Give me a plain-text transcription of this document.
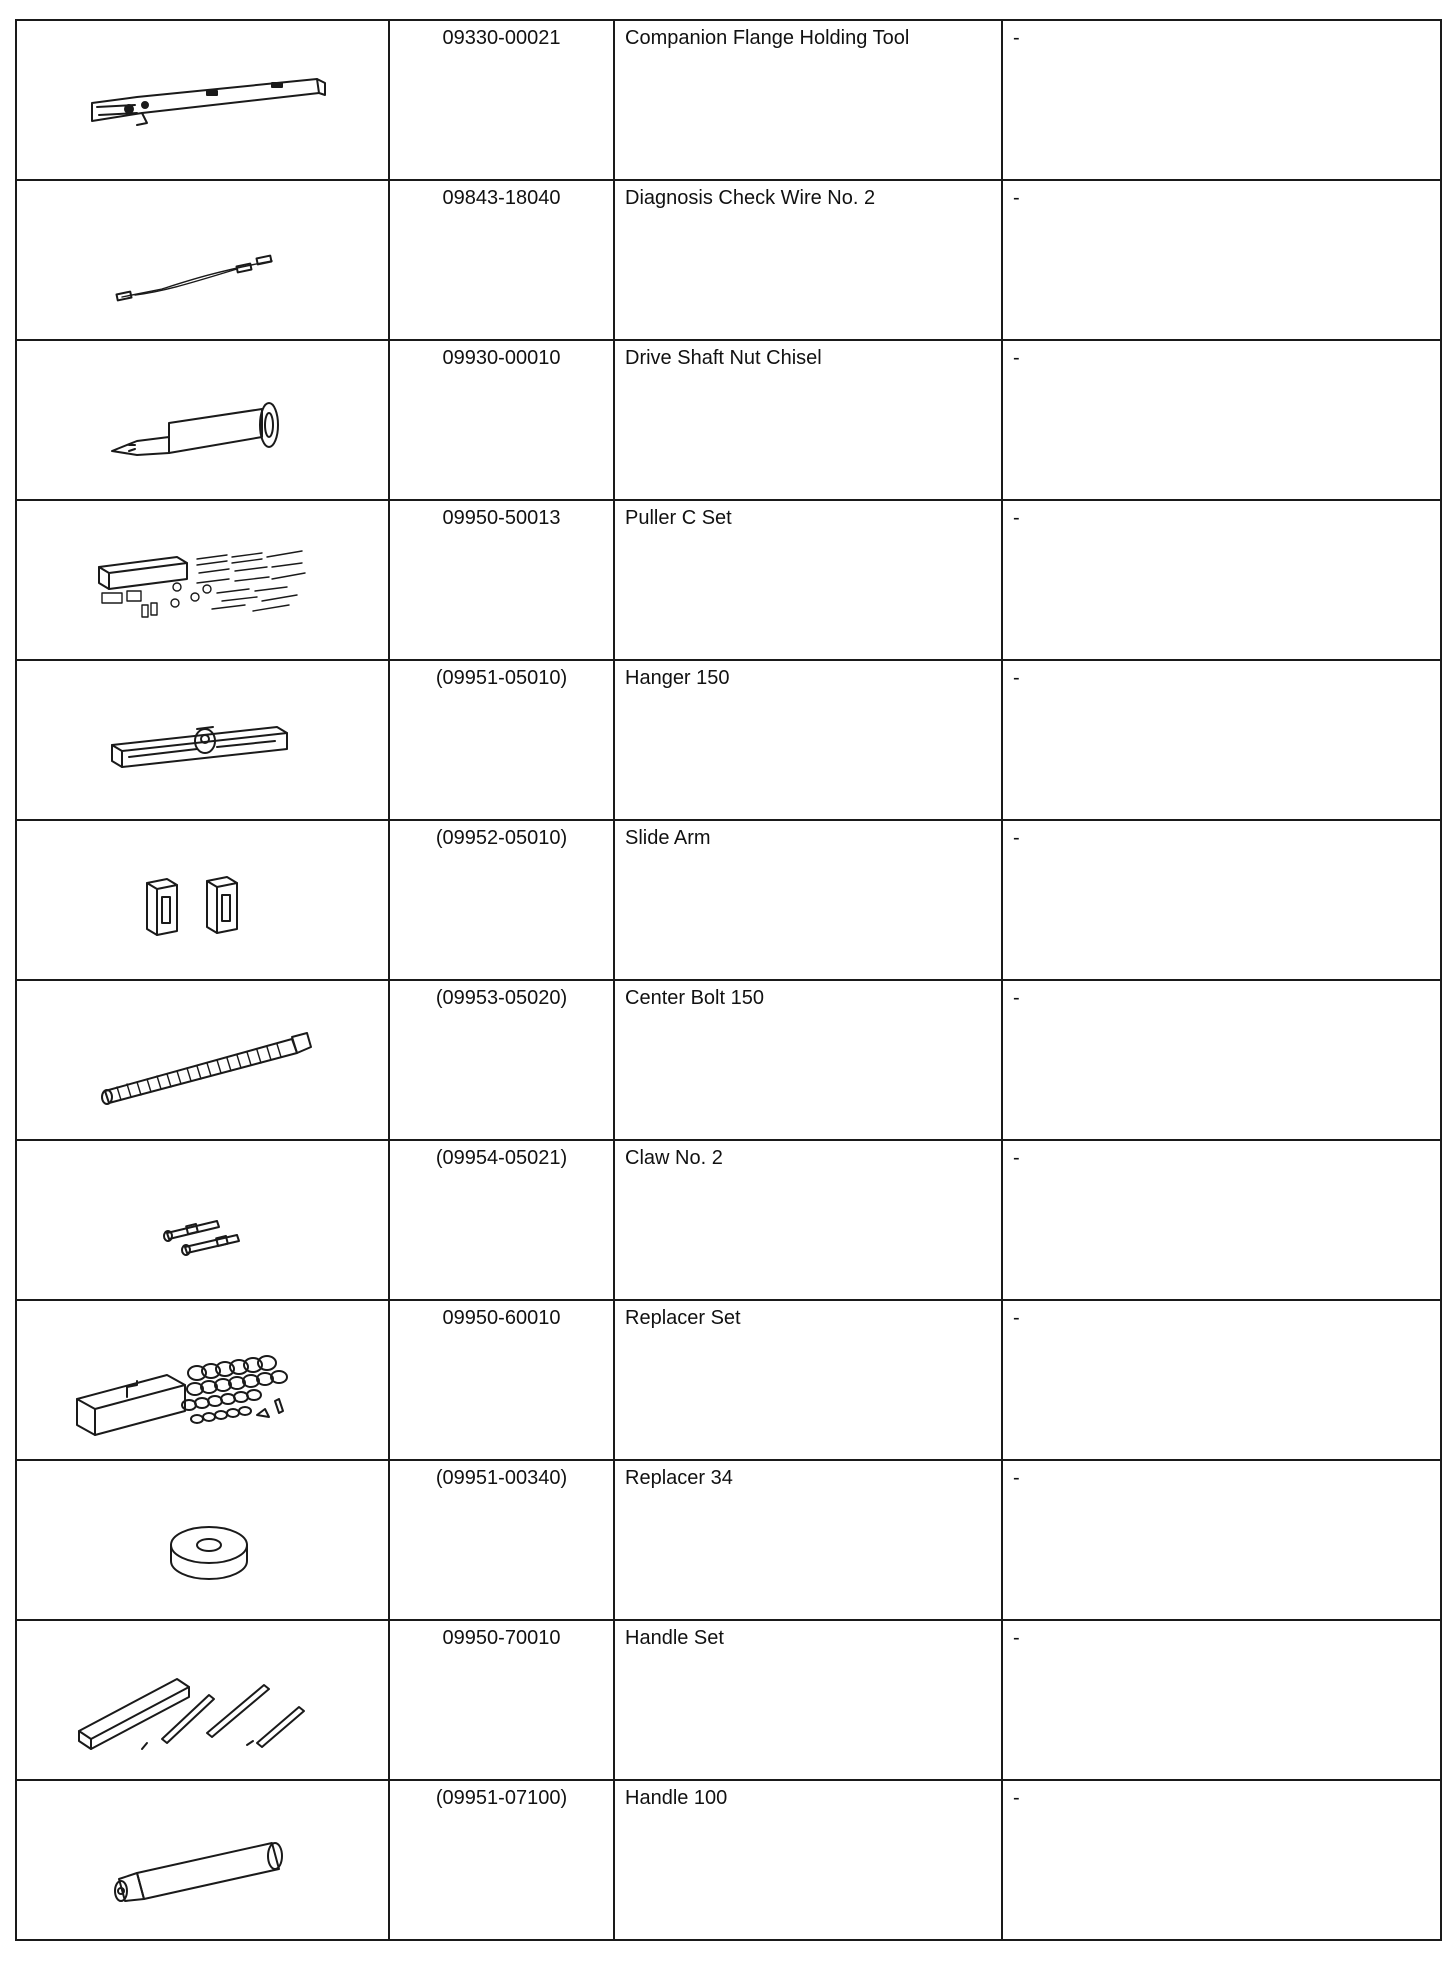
09330-00021	Companion Flange Holding Tool	-

09843-18040	Diagnosis Check Wire No. 2	-

09930-00010	Drive Shaft Nut Chisel	-

09950-50013	Puller C Set	-

(09951-05010)	Hanger 150	-

(09952-05010)	Slide Arm	-

(09953-05020)	Center Bolt 150	-

(09954-05021)	Claw No. 2	-

09950-60010	Replacer Set	-

(09951-00340)	Replacer 34	-

09950-70010	Handle Set	-

(09951-07100)	Handle 100	-
